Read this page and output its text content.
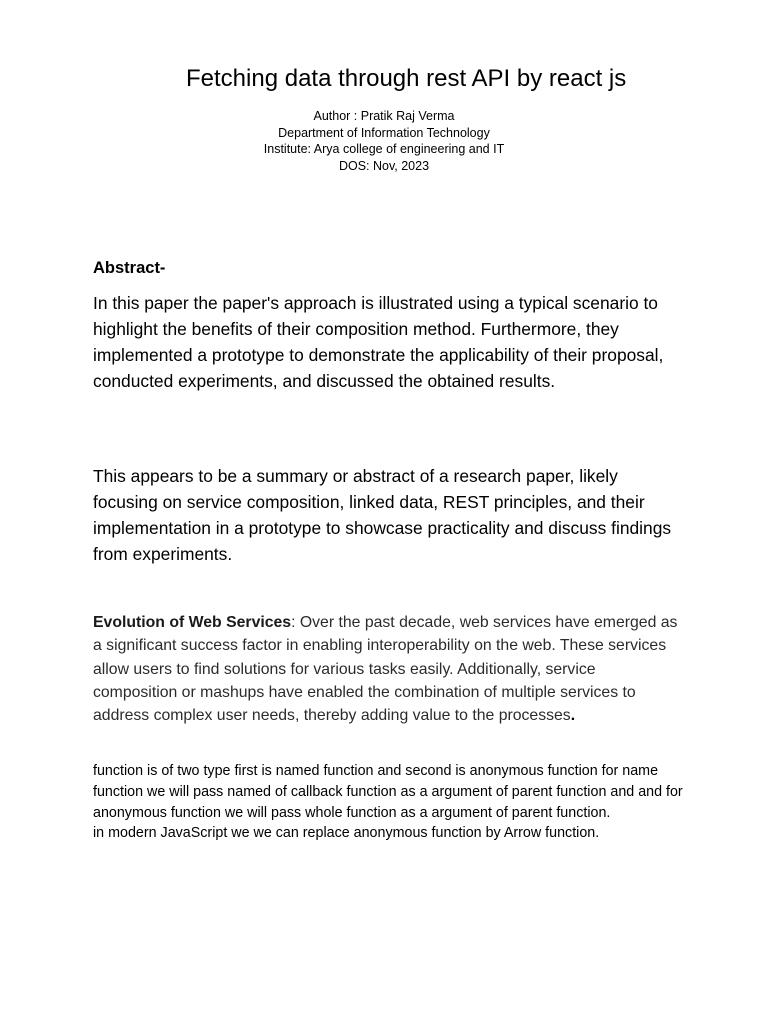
Fetching data through rest API by react js
Author : Pratik Raj Verma
Department of Information Technology
Institute: Arya college of engineering and IT
DOS: Nov, 2023
Abstract-

In this paper the paper's approach is illustrated using a typical scenario to highlight the benefits of their composition method. Furthermore, they implemented a prototype to demonstrate the applicability of their proposal, conducted experiments, and discussed the obtained results.

This appears to be a summary or abstract of a research paper, likely focusing on service composition, linked data, REST principles, and their implementation in a prototype to showcase practicality and discuss findings from experiments.

Evolution of Web Services: Over the past decade, web services have emerged as a significant success factor in enabling interoperability on the web. These services allow users to find solutions for various tasks easily. Additionally, service composition or mashups have enabled the combination of multiple services to address complex user needs, thereby adding value to the processes.

function is of two type first is named function and second is anonymous function for name function we will pass named of callback function as a argument of parent function and and for anonymous function we will pass whole function as a argument of parent function.
in modern JavaScript we we can replace anonymous function by Arrow function.
